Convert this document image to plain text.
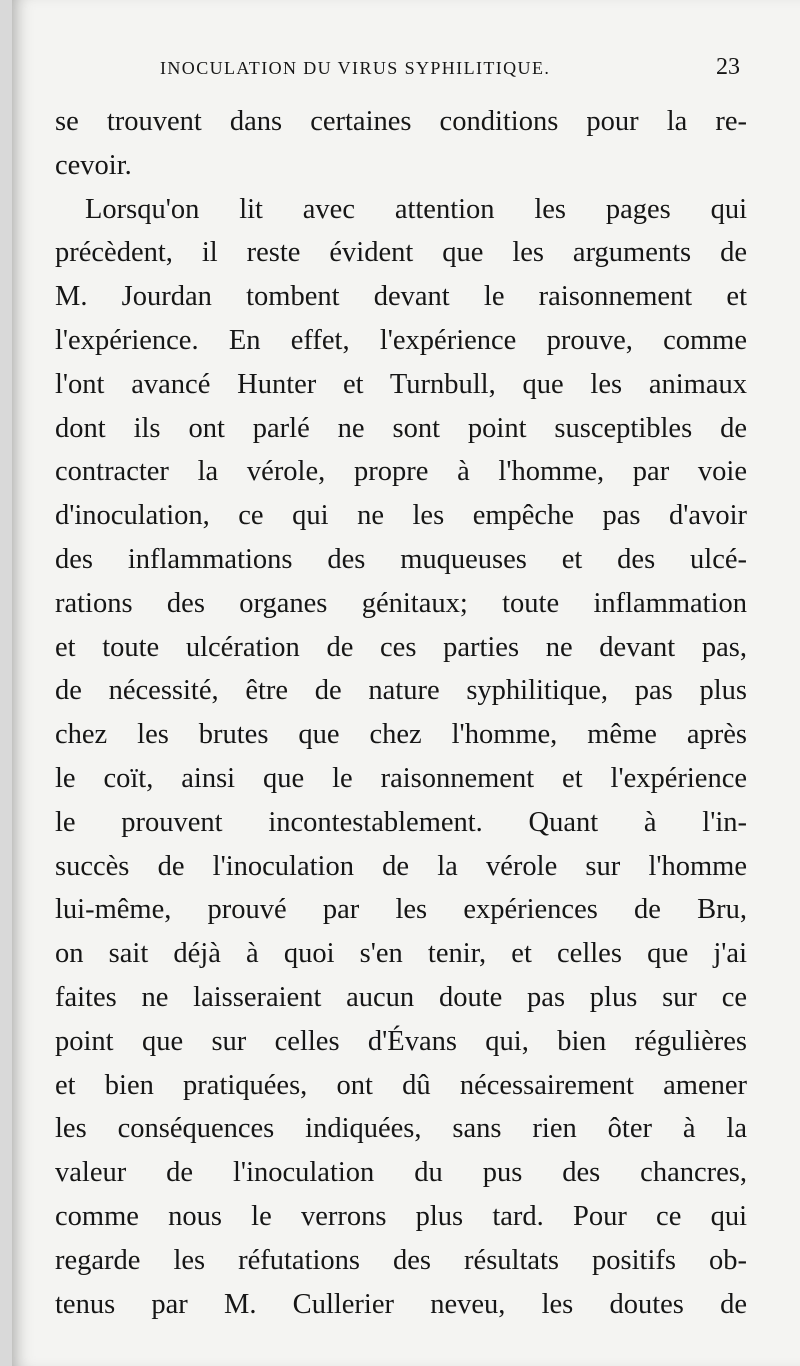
INOCULATION DU VIRUS SYPHILITIQUE.	23
se trouvent dans certaines conditions pour la re-
cevoir.
Lorsqu'on lit avec attention les pages qui
précèdent, il reste évident que les arguments de
M. Jourdan tombent devant le raisonnement et
l'expérience. En effet, l'expérience prouve, comme
l'ont avancé Hunter et Turnbull, que les animaux
dont ils ont parlé ne sont point susceptibles de
contracter la vérole, propre à l'homme, par voie
d'inoculation, ce qui ne les empêche pas d'avoir
des inflammations des muqueuses et des ulcé-
rations des organes génitaux; toute inflammation
et toute ulcération de ces parties ne devant pas,
de nécessité, être de nature syphilitique, pas plus
chez les brutes que chez l'homme, même après
le coït, ainsi que le raisonnement et l'expérience
le prouvent incontestablement. Quant à l'in-
succès de l'inoculation de la vérole sur l'homme
lui-même, prouvé par les expériences de Bru,
on sait déjà à quoi s'en tenir, et celles que j'ai
faites ne laisseraient aucun doute pas plus sur ce
point que sur celles d'Évans qui, bien régulières
et bien pratiquées, ont dû nécessairement amener
les conséquences indiquées, sans rien ôter à la
valeur de l'inoculation du pus des chancres,
comme nous le verrons plus tard. Pour ce qui
regarde les réfutations des résultats positifs ob-
tenus par M. Cullerier neveu, les doutes de
